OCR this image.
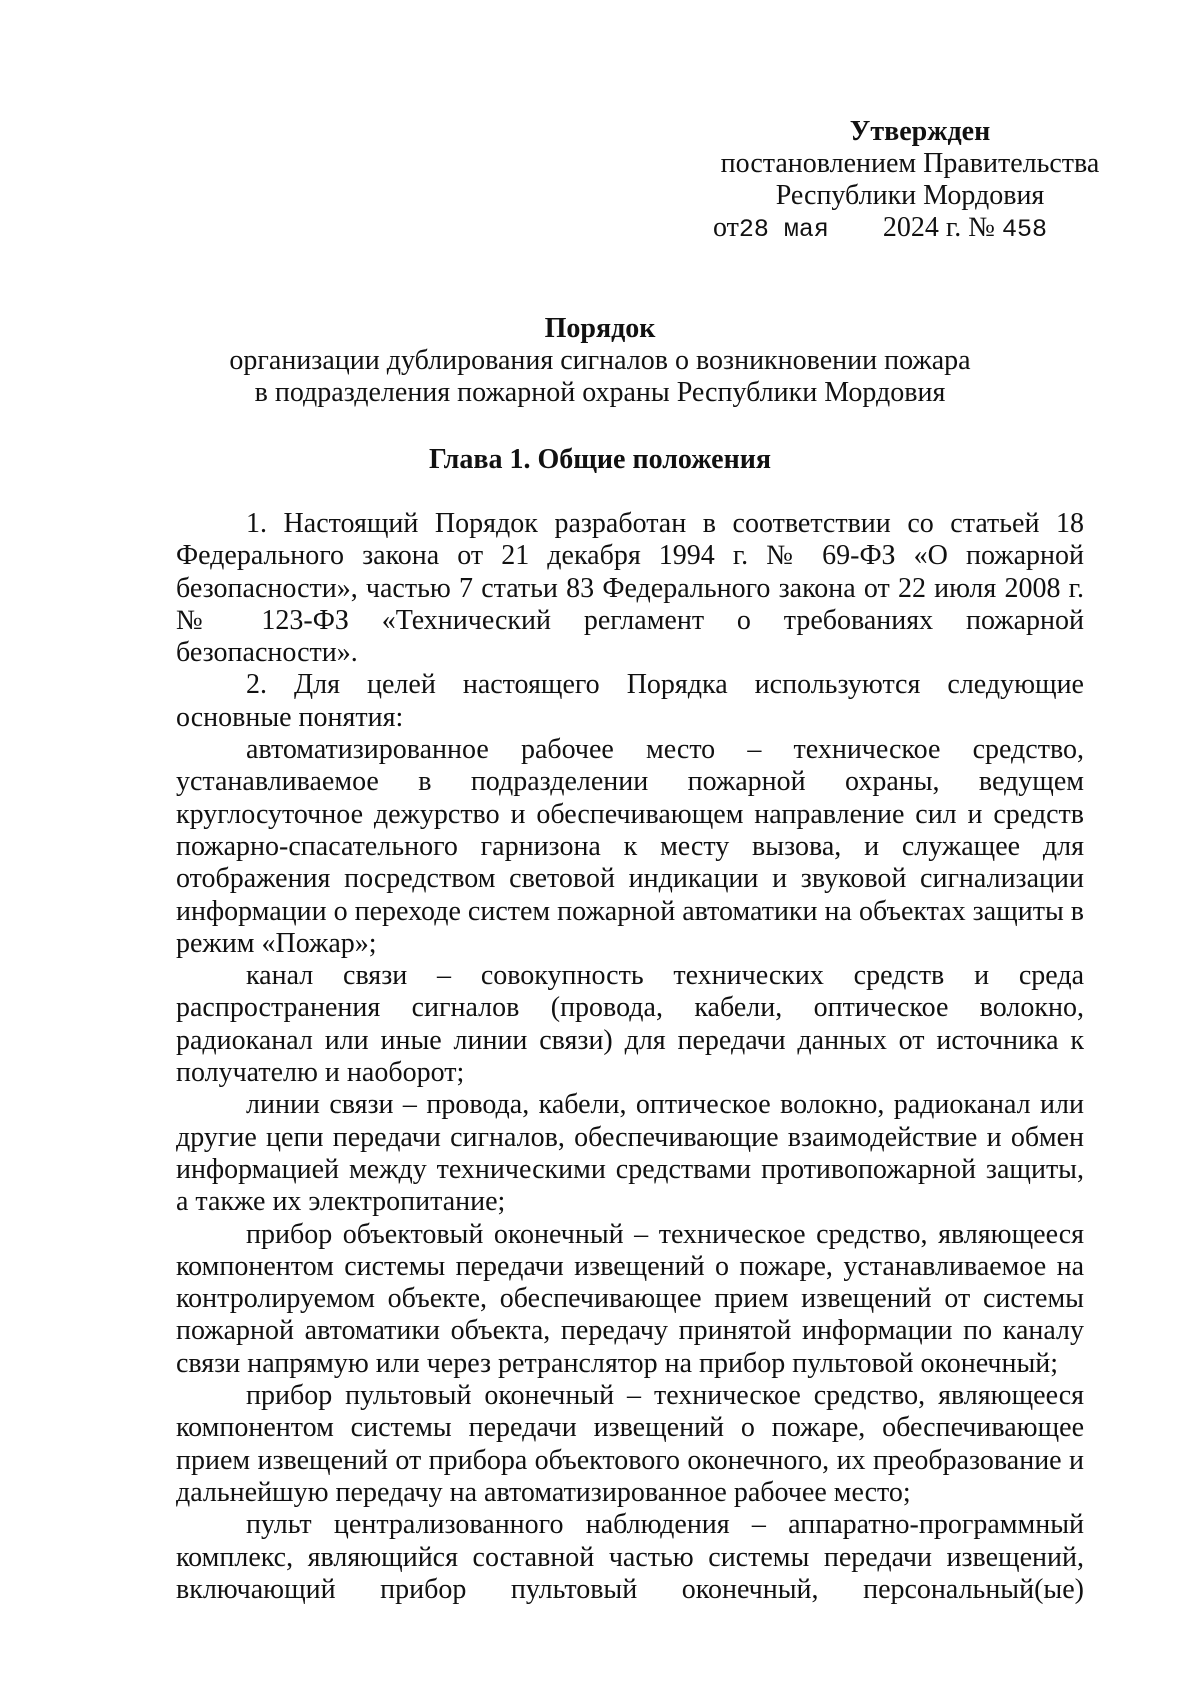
Утвержден
постановлением Правительства
Республики Мордовия
от28 мая 2024 г. № 458
Порядок
организации дублирования сигналов о возникновении пожара
в подразделения пожарной охраны Республики Мордовия
Глава 1. Общие положения

1. Настоящий Порядок разработан в соответствии со статьей 18 Федерального закона от 21 декабря 1994 г. № 69-ФЗ «О пожарной безопасности», частью 7 статьи 83 Федерального закона от 22 июля 2008 г. № 123-ФЗ «Технический регламент о требованиях пожарной безопасности».

2. Для целей настоящего Порядка используются следующие основные понятия:

автоматизированное рабочее место – техническое средство, устанавливаемое в подразделении пожарной охраны, ведущем круглосуточное дежурство и обеспечивающем направление сил и средств пожарно-спасательного гарнизона к месту вызова, и служащее для отображения посредством световой индикации и звуковой сигнализации информации о переходе систем пожарной автоматики на объектах защиты в режим «Пожар»;

канал связи – совокупность технических средств и среда распространения сигналов (провода, кабели, оптическое волокно, радиоканал или иные линии связи) для передачи данных от источника к получателю и наоборот;

линии связи – провода, кабели, оптическое волокно, радиоканал или другие цепи передачи сигналов, обеспечивающие взаимодействие и обмен информацией между техническими средствами противопожарной защиты, а также их электропитание;

прибор объектовый оконечный – техническое средство, являющееся компонентом системы передачи извещений о пожаре, устанавливаемое на контролируемом объекте, обеспечивающее прием извещений от системы пожарной автоматики объекта, передачу принятой информации по каналу связи напрямую или через ретранслятор на прибор пультовой оконечный;

прибор пультовый оконечный – техническое средство, являющееся компонентом системы передачи извещений о пожаре, обеспечивающее прием извещений от прибора объектового оконечного, их преобразование и дальнейшую передачу на автоматизированное рабочее место;

пульт централизованного наблюдения – аппаратно-программный комплекс, являющийся составной частью системы передачи извещений, включающий прибор пультовый оконечный, персональный(ые)
